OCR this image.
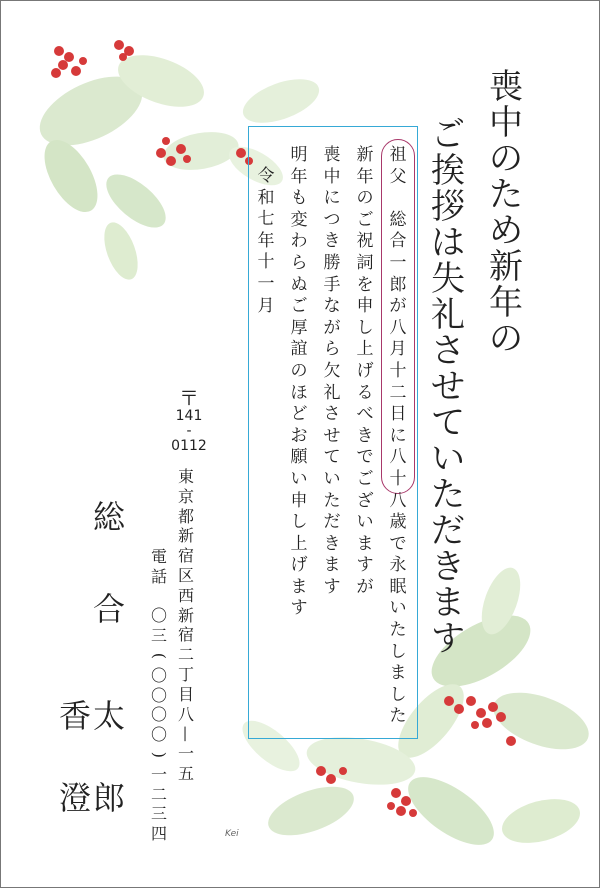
喪
中
の
た
め
新
年
の
ご
挨
拶
は
失
礼
さ
せ
て
い
た
だ
き
ま
す
祖
父

総
合
一
郎
が
八
月
十
二
日
に
八
十
八
歳
で
永
眠
い
た
し
ま
し
た
新
年
の
ご
祝
詞
を
申
し
上
げ
る
べ
き
で
ご
ざ
い
ま
す
が
喪
中
に
つ
き
勝
手
な
が
ら
欠
礼
さ
せ
て
い
た
だ
き
ま
す
明
年
も
変
わ
ら
ぬ
ご
厚
誼
の
ほ
ど
お
願
い
申
し
上
げ
ま
す
令
和
七
年
十
一
月
〒
141
-
0112
東
京
都
新
宿
区
西
新
宿
二
丁
目
八
—
一
五
電
話

〇
三
(
〇
〇
〇
〇
)
一
二
三
四
総
合
太
郎
香
澄
Kei
